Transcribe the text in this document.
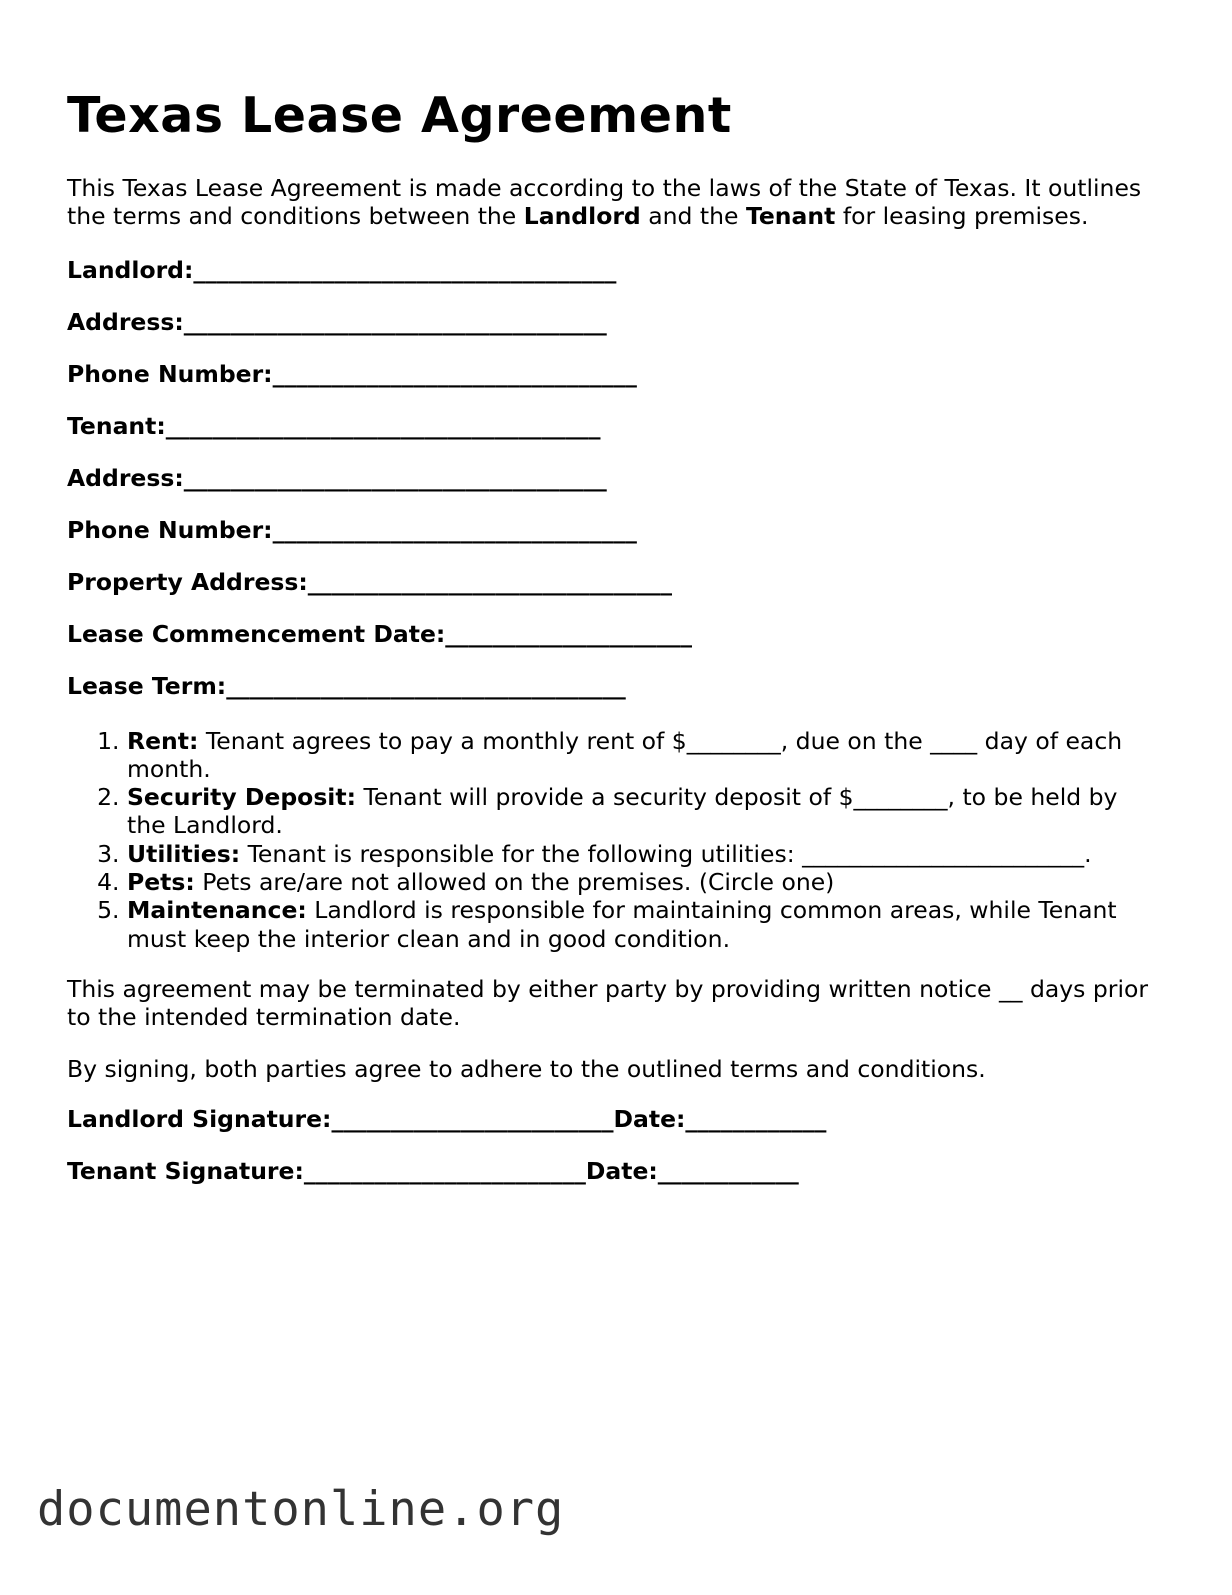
Texas Lease Agreement

This Texas Lease Agreement is made according to the laws of the State of Texas. It outlines the terms and conditions between the Landlord and the Tenant for leasing premises.

Landlord: ____________________________________
Address: ____________________________________
Phone Number: _______________________________
Tenant: _____________________________________
Address: ____________________________________
Phone Number: _______________________________
Property Address: _______________________________
Lease Commencement Date: _____________________
Lease Term: __________________________________
1. Rent: Tenant agrees to pay a monthly rent of $________, due on the ____ day of each month.
2. Security Deposit: Tenant will provide a security deposit of $________, to be held by the Landlord.
3. Utilities: Tenant is responsible for the following utilities: ________________________.
4. Pets: Pets are/are not allowed on the premises. (Circle one)
5. Maintenance: Landlord is responsible for maintaining common areas, while Tenant must keep the interior clean and in good condition.

This agreement may be terminated by either party by providing written notice __ days prior to the intended termination date.

By signing, both parties agree to adhere to the outlined terms and conditions.

Landlord Signature: ________________________ Date: ____________
Tenant Signature: ________________________ Date: ____________
documentonline.org
